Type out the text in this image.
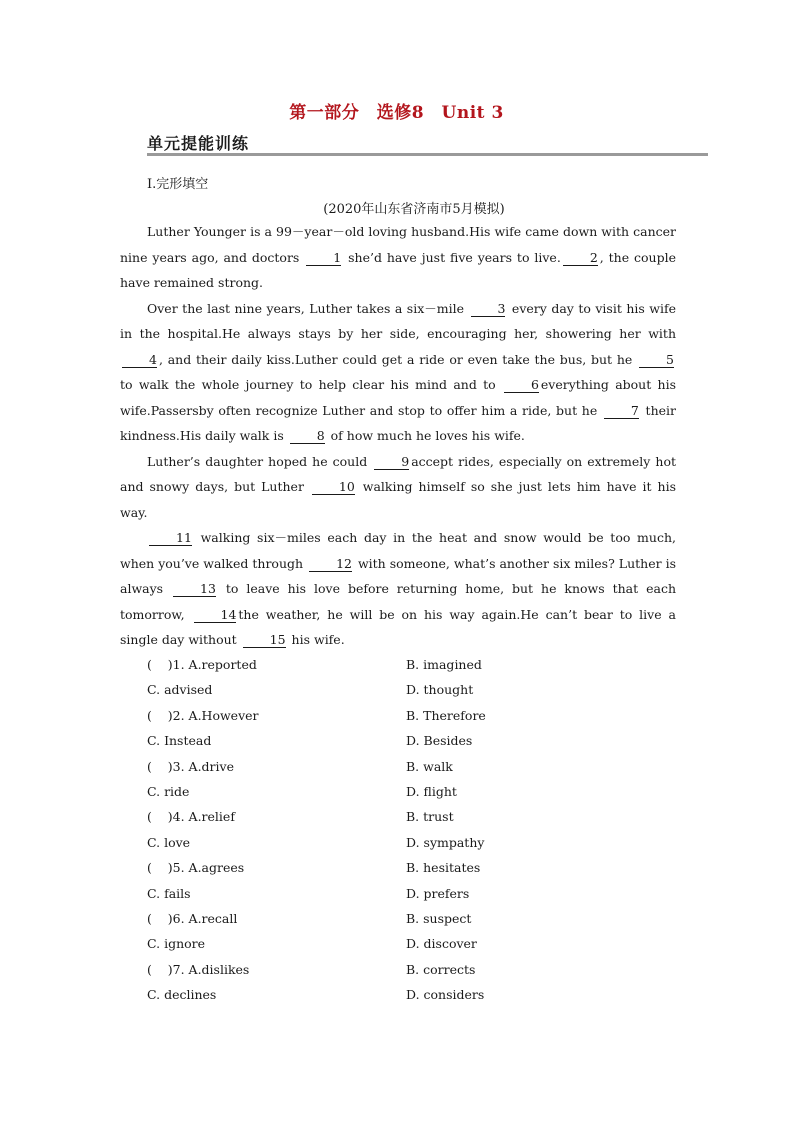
第一部分　选修8　Unit 3
单元提能训练
Ⅰ.完形填空
(2020年山东省济南市5月模拟)

Luther Younger is a 99－year－old loving husband.His wife came down with cancer nine years ago, and doctors 1 she’d have just five years to live. 2 , the couple have remained strong.

Over the last nine years, Luther takes a six－mile 3 every day to visit his wife in the hospital.He always stays by her side, encouraging her, showering her with 4 , and their daily kiss.Luther could get a ride or even take the bus, but he 5 to walk the whole journey to help clear his mind and to 6 everything about his wife.Passersby often recognize Luther and stop to offer him a ride, but he 7 their kindness.His daily walk is 8 of how much he loves his wife.

Luther’s daughter hoped he could 9 accept rides, especially on extremely hot and snowy days, but Luther 10 walking himself so she just lets him have it his way.

11 walking six－miles each day in the heat and snow would be too much, when you’ve walked through 12 with someone, what’s another six miles? Luther is always 13 to leave his love before returning home, but he knows that each tomorrow, 14 the weather, he will be on his way again.He can’t bear to live a single day without 15 his wife.

(    )1. A.reported	B. imagined
C. advised	D. thought
(    )2. A.However	B. Therefore
C. Instead	D. Besides
(    )3. A.drive	B. walk
C. ride	D. flight
(    )4. A.relief	B. trust
C. love	D. sympathy
(    )5. A.agrees	B. hesitates
C. fails	D. prefers
(    )6. A.recall	B. suspect
C. ignore	D. discover
(    )7. A.dislikes	B. corrects
C. declines	D. considers
